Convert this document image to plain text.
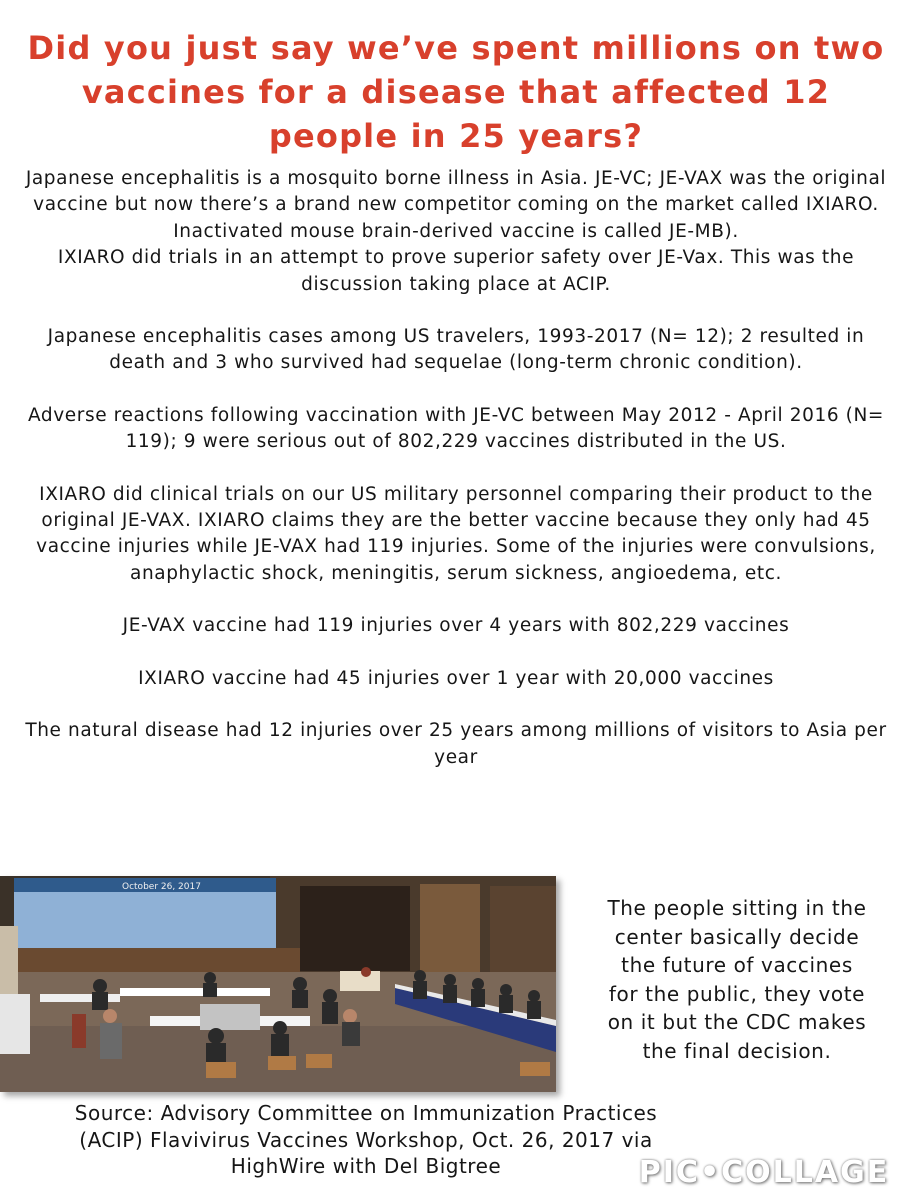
Did you just say we’ve spent millions on two
vaccines for a disease that affected 12
people in 25 years?

Japanese encephalitis is a mosquito borne illness in Asia. JE-VC; JE-VAX was the original vaccine but now there’s a brand new competitor coming on the market called IXIARO. Inactivated mouse brain-derived vaccine is called JE-MB).

IXIARO did trials in an attempt to prove superior safety over JE-Vax. This was the discussion taking place at ACIP.

Japanese encephalitis cases among US travelers, 1993-2017 (N= 12); 2 resulted in death and 3 who survived had sequelae (long-term chronic condition).

Adverse reactions following vaccination with JE-VC between May 2012 - April 2016 (N= 119); 9 were serious out of 802,229 vaccines distributed in the US.

IXIARO did clinical trials on our US military personnel comparing their product to the original JE-VAX. IXIARO claims they are the better vaccine because they only had 45 vaccine injuries while JE-VAX had 119 injuries. Some of the injuries were convulsions, anaphylactic shock, meningitis, serum sickness, angioedema, etc.

JE-VAX vaccine had 119 injuries over 4 years with 802,229 vaccines

IXIARO vaccine had 45 injuries over 1 year with 20,000 vaccines

The natural disease had 12 injuries over 25 years among millions of visitors to Asia per year

October 26, 2017
The people sitting in the
center basically decide
the future of vaccines
for the public, they vote
on it but the CDC makes
the final decision.
Source: Advisory Committee on Immunization Practices
(ACIP) Flavivirus Vaccines Workshop, Oct. 26, 2017 via
HighWire with Del Bigtree	PIC•COLLAGE
